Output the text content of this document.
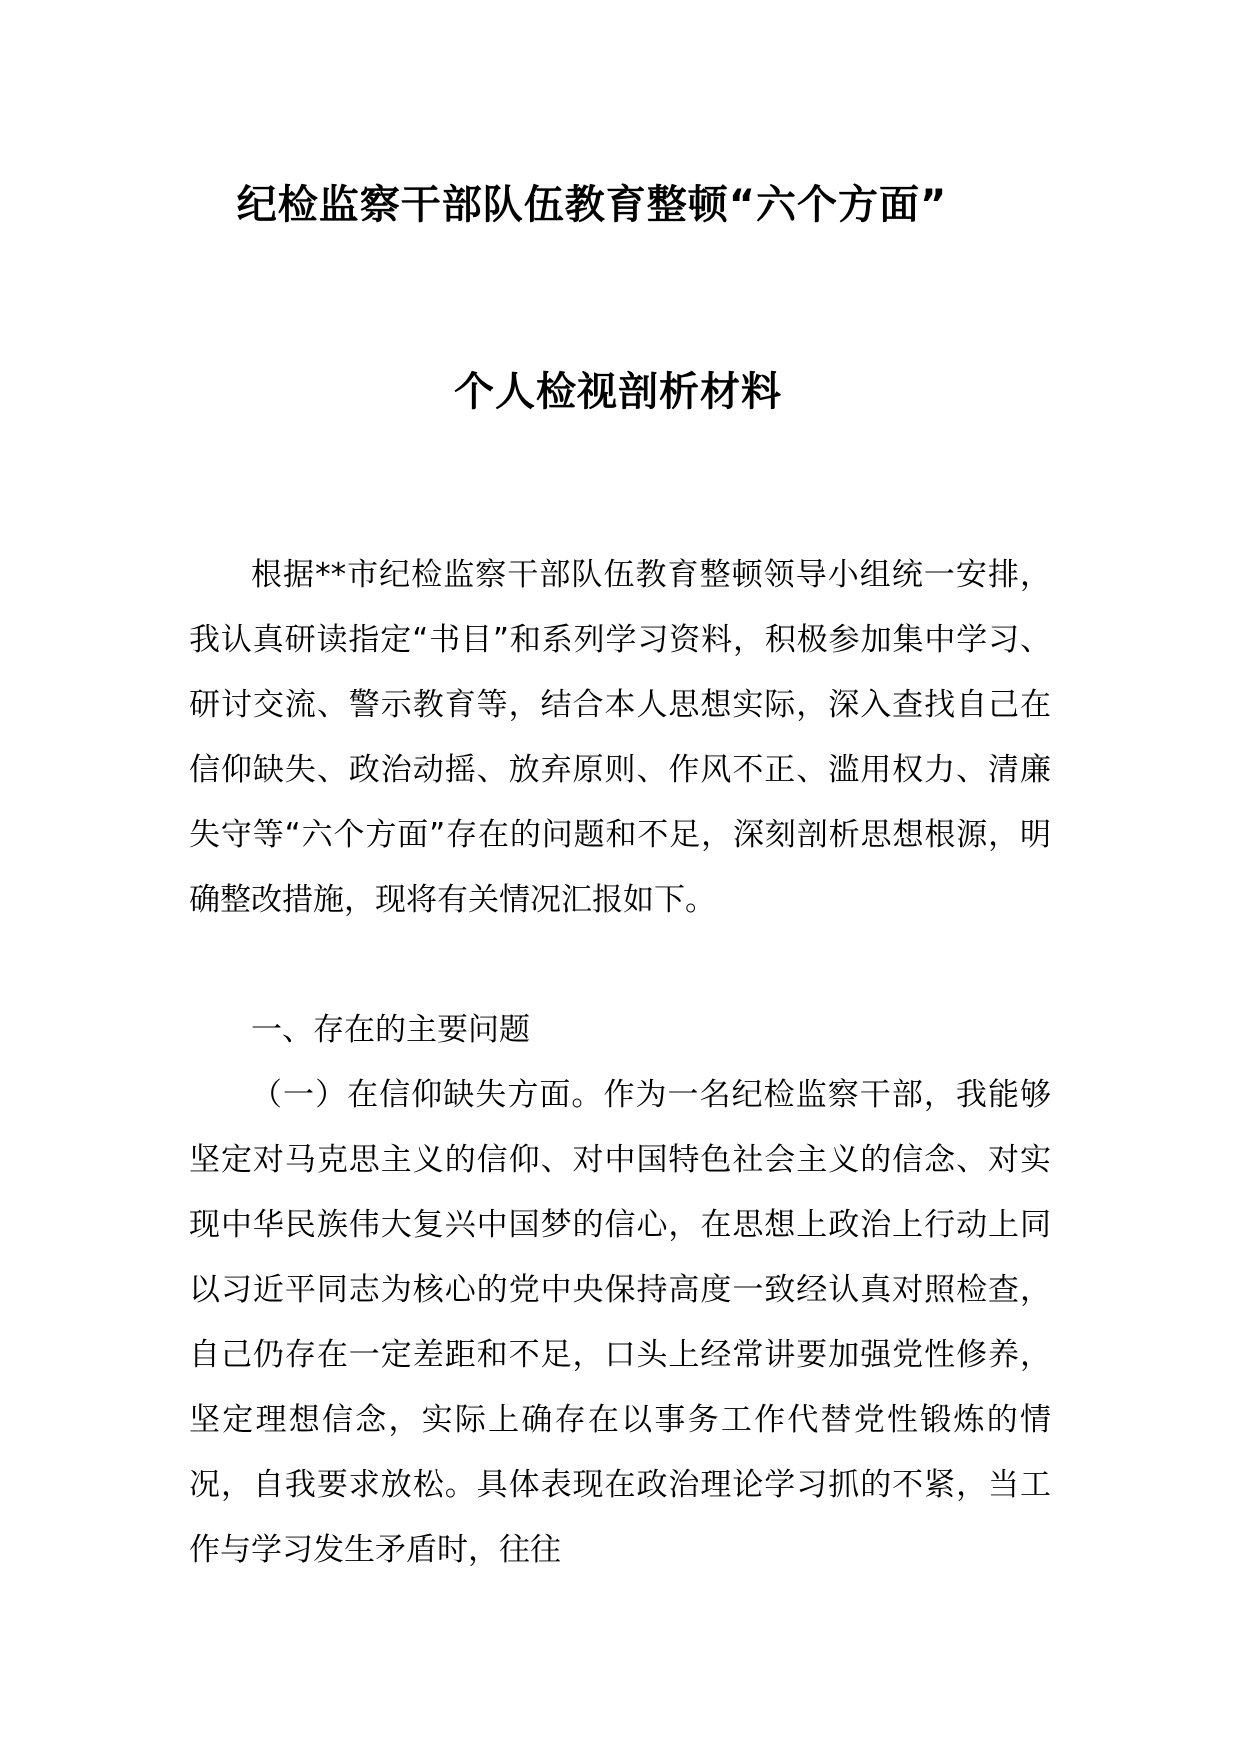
纪检监察干部队伍教育整顿“六个方面”
个人检视剖析材料

根据**市纪检监察干部队伍教育整顿领导小组统一安排，我认真研读指定“书目”和系列学习资料，积极参加集中学习、研讨交流、警示教育等，结合本人思想实际，深入查找自己在信仰缺失、政治动摇、放弃原则、作风不正、滥用权力、清廉失守等“六个方面”存在的问题和不足，深刻剖析思想根源，明确整改措施，现将有关情况汇报如下。

一、存在的主要问题

（一）在信仰缺失方面。作为一名纪检监察干部，我能够坚定对马克思主义的信仰、对中国特色社会主义的信念、对实现中华民族伟大复兴中国梦的信心，在思想上政治上行动上同以习近平同志为核心的党中央保持高度一致经认真对照检查，自己仍存在一定差距和不足，口头上经常讲要加强党性修养，坚定理想信念，实际上确存在以事务工作代替党性锻炼的情况，自我要求放松。具体表现在政治理论学习抓的不紧，当工作与学习发生矛盾时，往往
